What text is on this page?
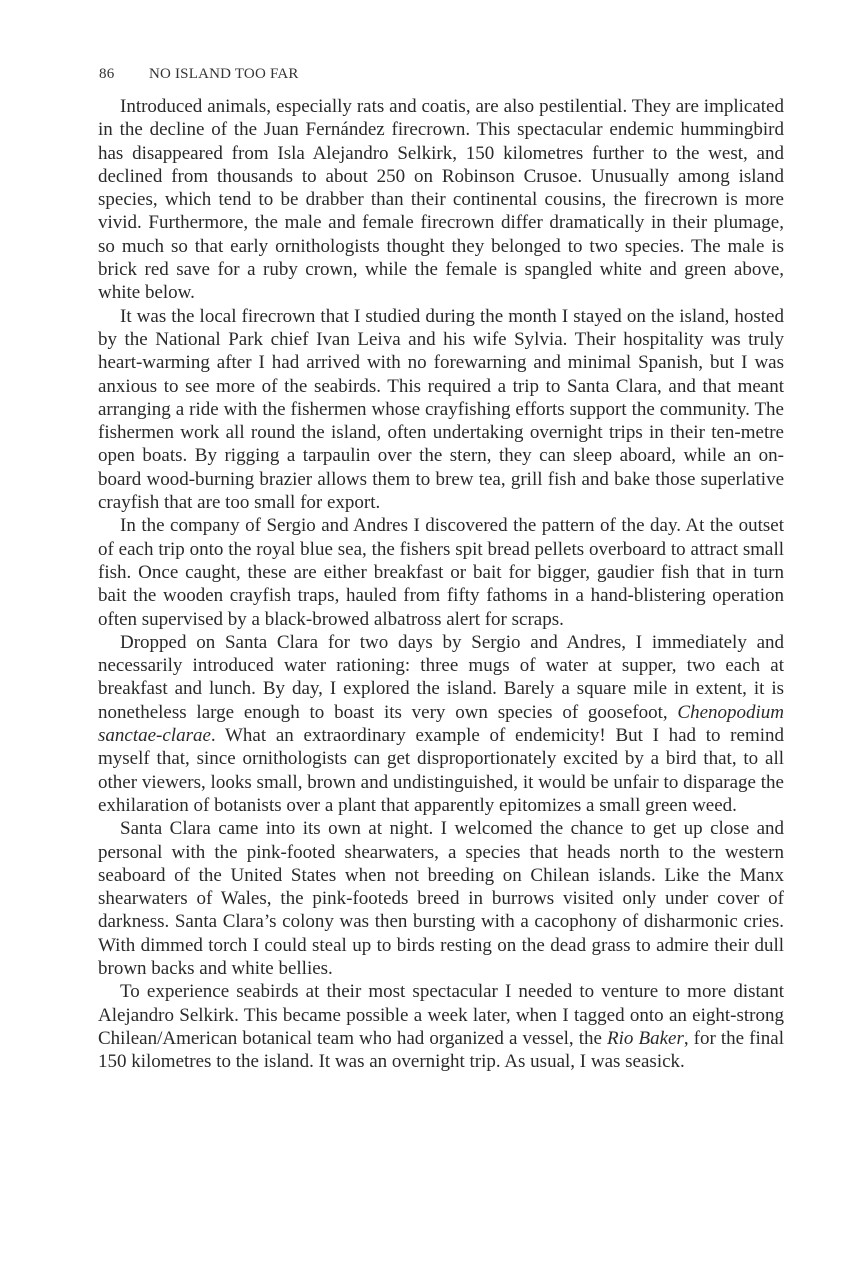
86 NO ISLAND TOO FAR

Introduced animals, especially rats and coatis, are also pestilential. They are implicated in the decline of the Juan Fernández firecrown. This spectacular endemic hummingbird has disappeared from Isla Alejandro Selkirk, 150 kilometres further to the west, and declined from thousands to about 250 on Robinson Crusoe. Unusually among island species, which tend to be drabber than their continental cousins, the firecrown is more vivid. Furthermore, the male and female firecrown differ dramatically in their plumage, so much so that early ornithologists thought they belonged to two species. The male is brick red save for a ruby crown, while the female is spangled white and green above, white below.

It was the local firecrown that I studied during the month I stayed on the island, hosted by the National Park chief Ivan Leiva and his wife Sylvia. Their hospitality was truly heart-warming after I had arrived with no forewarning and minimal Spanish, but I was anxious to see more of the seabirds. This required a trip to Santa Clara, and that meant arranging a ride with the fishermen whose crayfishing efforts support the community. The fishermen work all round the island, often undertaking overnight trips in their ten-metre open boats. By rigging a tarpaulin over the stern, they can sleep aboard, while an on-board wood-burning brazier allows them to brew tea, grill fish and bake those superlative crayfish that are too small for export.

In the company of Sergio and Andres I discovered the pattern of the day. At the outset of each trip onto the royal blue sea, the fishers spit bread pellets overboard to attract small fish. Once caught, these are either breakfast or bait for bigger, gaudier fish that in turn bait the wooden crayfish traps, hauled from fifty fathoms in a hand-blistering operation often supervised by a black-browed albatross alert for scraps.

Dropped on Santa Clara for two days by Sergio and Andres, I immediately and necessarily introduced water rationing: three mugs of water at supper, two each at breakfast and lunch. By day, I explored the island. Barely a square mile in extent, it is nonetheless large enough to boast its very own species of goosefoot, Chenopodium sanctae-clarae. What an extraordinary example of endemicity! But I had to remind myself that, since ornithologists can get disproportionately excited by a bird that, to all other viewers, looks small, brown and undistinguished, it would be unfair to disparage the exhilaration of botanists over a plant that apparently epitomizes a small green weed.

Santa Clara came into its own at night. I welcomed the chance to get up close and personal with the pink-footed shearwaters, a species that heads north to the western seaboard of the United States when not breeding on Chilean islands. Like the Manx shearwaters of Wales, the pink-footeds breed in burrows visited only under cover of darkness. Santa Clara’s colony was then bursting with a cacophony of disharmonic cries. With dimmed torch I could steal up to birds resting on the dead grass to admire their dull brown backs and white bellies.

To experience seabirds at their most spectacular I needed to venture to more distant Alejandro Selkirk. This became possible a week later, when I tagged onto an eight-strong Chilean/American botanical team who had organized a vessel, the Rio Baker, for the final 150 kilometres to the island. It was an overnight trip. As usual, I was seasick.
